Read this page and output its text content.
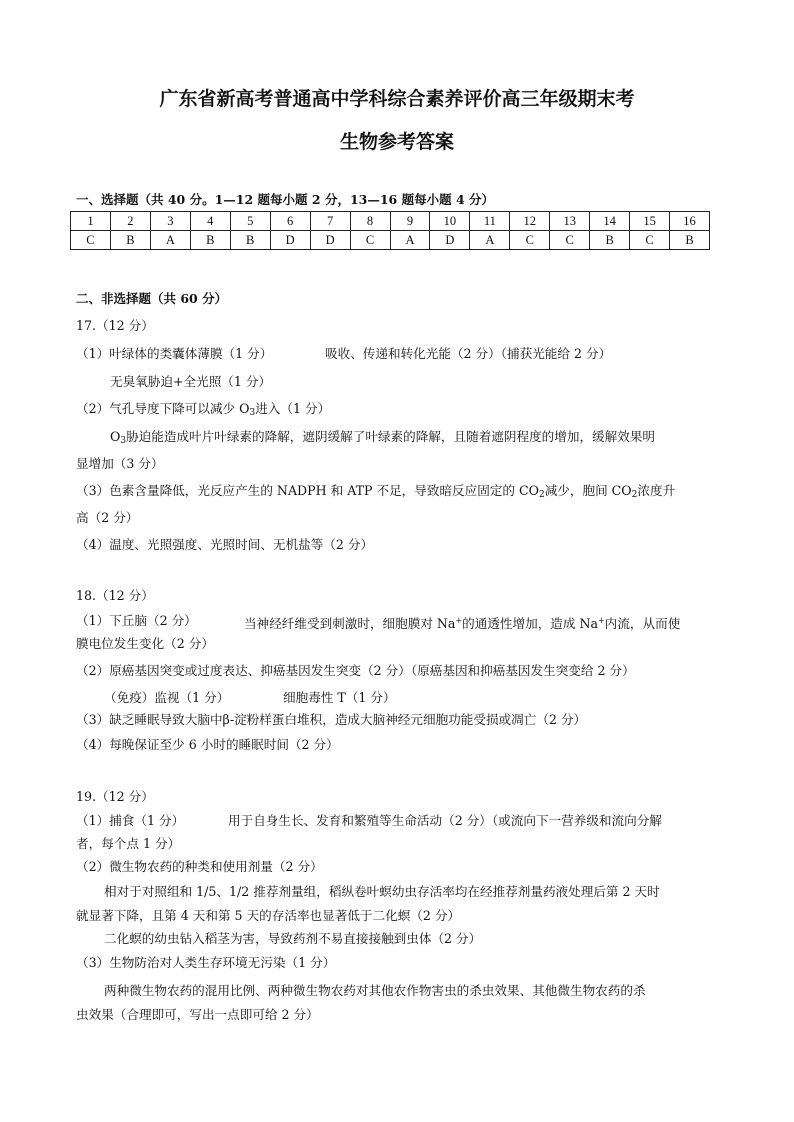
广东省新高考普通高中学科综合素养评价高三年级期末考
生物参考答案
一、选择题（共 40 分。1—12 题每小题 2 分，13—16 题每小题 4 分）
1	2	3	4	5	6	7	8	9	10	11	12	13	14	15	16
C	B	A	B	B	D	D	C	A	D	A	C	C	B	C	B
二、非选择题（共 60 分）
17.（12 分）
（1）叶绿体的类囊体薄膜（1 分）	吸收、传递和转化光能（2 分）（捕获光能给 2 分）
无臭氧胁迫+全光照（1 分）
（2）气孔导度下降可以减少 $O_3$进入（1 分）
$O_3$胁迫能造成叶片叶绿素的降解，遮阴缓解了叶绿素的降解，且随着遮阴程度的增加，缓解效果明
显增加（3 分）
（3）色素含量降低，光反应产生的 NADPH 和 ATP 不足，导致暗反应固定的 $CO_2$减少，胞间 $CO_2$浓度升
高（2 分）
（4）温度、光照强度、光照时间、无机盐等（2 分）
18.（12 分）
（1）下丘脑（2 分）	当神经纤维受到刺激时，细胞膜对 Na+的通透性增加，造成 Na+内流，从而使
膜电位发生变化（2 分）
（2）原癌基因突变或过度表达、抑癌基因发生突变（2 分）（原癌基因和抑癌基因发生突变给 2 分）
（免疫）监视（1 分）	细胞毒性 T（1 分）
（3）缺乏睡眠导致大脑中β-淀粉样蛋白堆积，造成大脑神经元细胞功能受损或凋亡（2 分）
（4）每晚保证至少 6 小时的睡眠时间（2 分）
19.（12 分）
（1）捕食（1 分）	用于自身生长、发育和繁殖等生命活动（2 分）（或流向下一营养级和流向分解
者，每个点 1 分）
（2）微生物农药的种类和使用剂量（2 分）
相对于对照组和 1/5、1/2 推荐剂量组，稻纵卷叶螟幼虫存活率均在经推荐剂量药液处理后第 2 天时
就显著下降，且第 4 天和第 5 天的存活率也显著低于二化螟（2 分）
二化螟的幼虫钻入稻茎为害，导致药剂不易直接接触到虫体（2 分）
（3）生物防治对人类生存环境无污染（1 分）
两种微生物农药的混用比例、两种微生物农药对其他农作物害虫的杀虫效果、其他微生物农药的杀
虫效果（合理即可，写出一点即可给 2 分）
